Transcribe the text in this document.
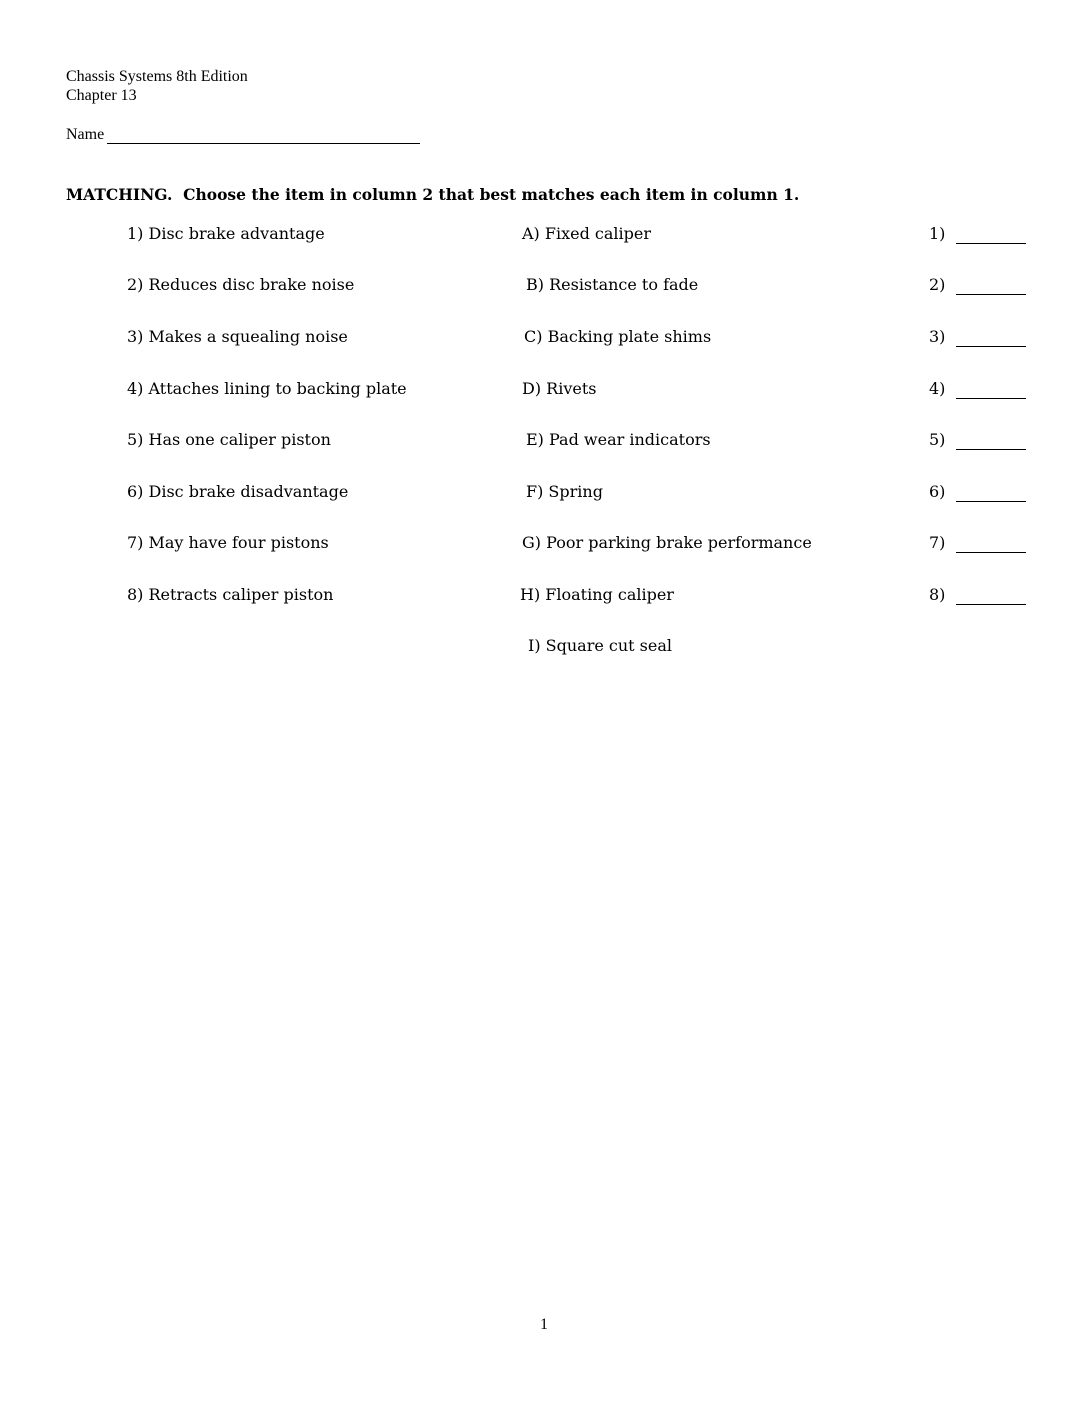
Chassis Systems 8th Edition
Chapter 13
Name
MATCHING.  Choose the item in column 2 that best matches each item in column 1.
1) Disc brake advantage	A) Fixed caliper	1)
2) Reduces disc brake noise	B) Resistance to fade	2)
3) Makes a squealing noise	C) Backing plate shims	3)
4) Attaches lining to backing plate	D) Rivets	4)
5) Has one caliper piston	E) Pad wear indicators	5)
6) Disc brake disadvantage	F) Spring	6)
7) May have four pistons	G) Poor parking brake performance	7)
8) Retracts caliper piston	H) Floating caliper	8)
I) Square cut seal
1
